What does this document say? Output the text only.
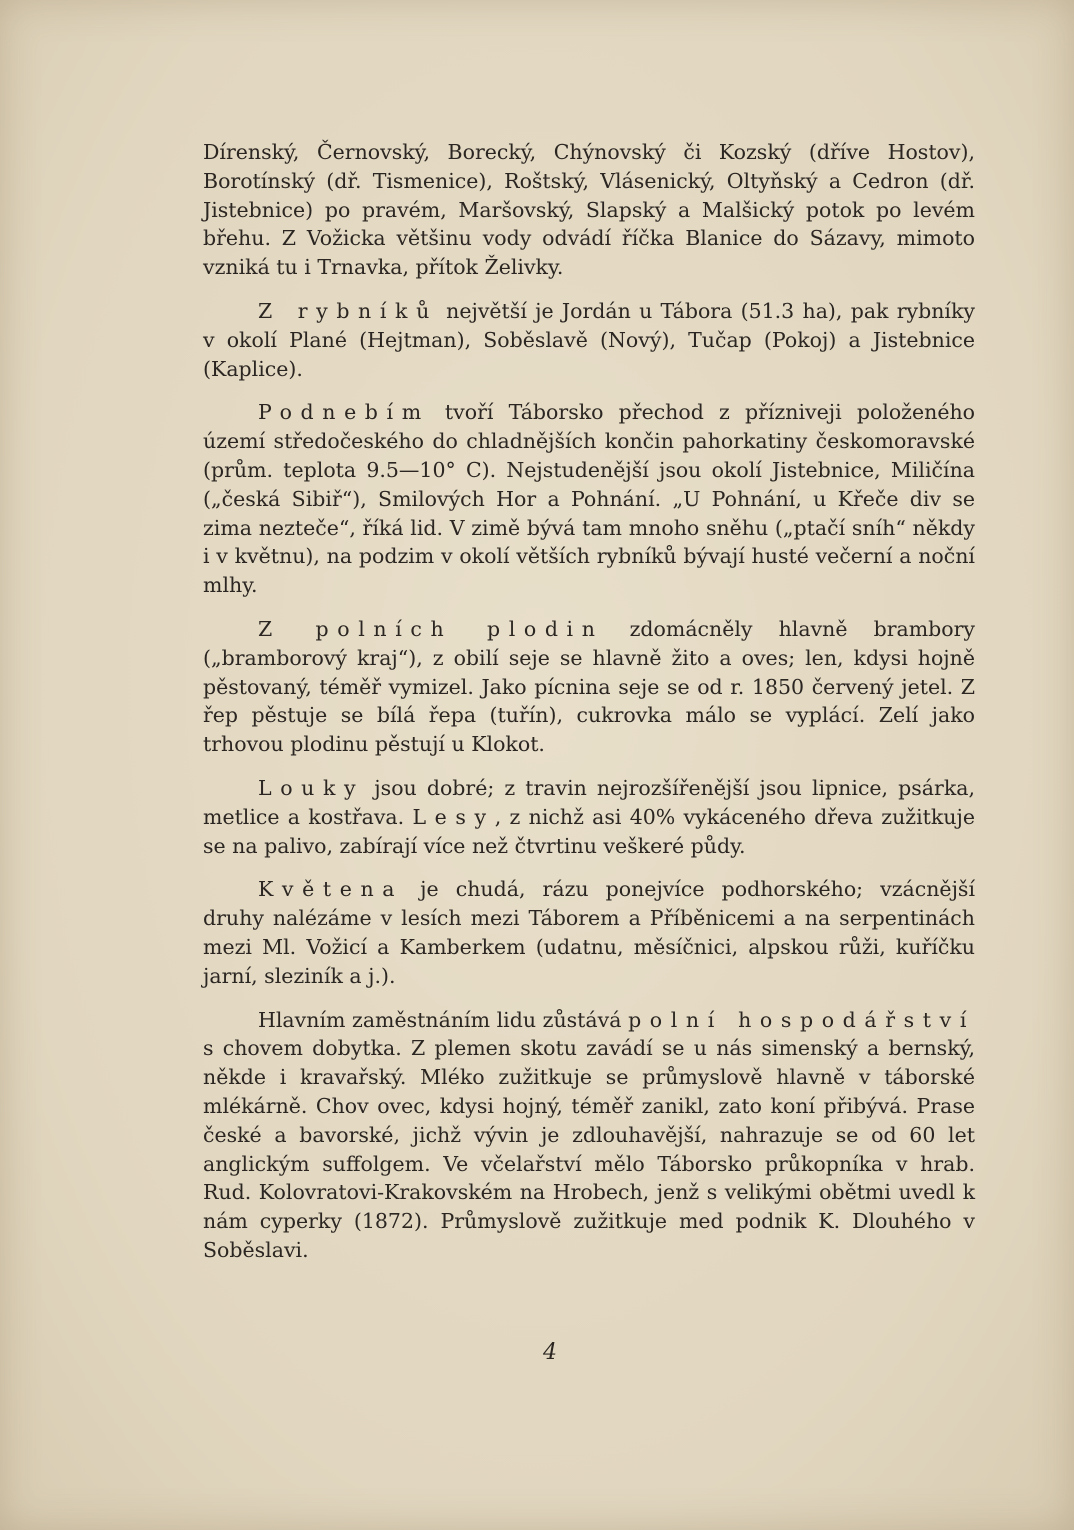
Dírenský, Černovský, Borecký, Chýnovský či Kozský (dříve Hostov), Borotínský (dř. Tismenice), Roštský, Vlásenický, Oltyňský a Cedron (dř. Jistebnice) po pravém, Maršovský, Slapský a Malšický potok po levém břehu. Z Vožicka většinu vody odvádí říčka Blanice do Sázavy, mimoto vzniká tu i Trnavka, přítok Želivky.

Z rybníků největší je Jordán u Tábora (51.3 ha), pak rybníky v okolí Plané (Hejtman), Soběslavě (Nový), Tučap (Pokoj) a Jistebnice (Kaplice).

Podnebím tvoří Táborsko přechod z přízniveji položeného území středočeského do chladnějších končin pahorkatiny českomoravské (prům. teplota 9.5—10° C). Nejstudenější jsou okolí Jistebnice, Miličína („česká Sibiř“), Smilových Hor a Pohnání. „U Pohnání, u Křeče div se zima nezteče“, říká lid. V zimě bývá tam mnoho sněhu („ptačí sníh“ někdy i v květnu), na podzim v okolí větších rybníků bývají husté večerní a noční mlhy.

Z polních plodin zdomácněly hlavně brambory („bramborový kraj“), z obilí seje se hlavně žito a oves; len, kdysi hojně pěstovaný, téměř vymizel. Jako pícnina seje se od r. 1850 červený jetel. Z řep pěstuje se bílá řepa (tuřín), cukrovka málo se vyplácí. Zelí jako trhovou plodinu pěstují u Klokot.

Louky jsou dobré; z travin nejrozšířenější jsou lipnice, psárka, metlice a kostřava. Lesy, z nichž asi 40% vykáceného dřeva zužitkuje se na palivo, zabírají více než čtvrtinu veškeré půdy.

Květena je chudá, rázu ponejvíce podhorského; vzácnější druhy nalézáme v lesích mezi Táborem a Příběnicemi a na serpentinách mezi Ml. Vožicí a Kamberkem (udatnu, měsíčnici, alpskou růži, kuříčku jarní, sleziník a j.).

Hlavním zaměstnáním lidu zůstává polní hospodářství s chovem dobytka. Z plemen skotu zavádí se u nás simenský a bernský, někde i kravařský. Mléko zužitkuje se průmyslově hlavně v táborské mlékárně. Chov ovec, kdysi hojný, téměř zanikl, zato koní přibývá. Prase české a bavorské, jichž vývin je zdlouhavější, nahrazuje se od 60 let anglickým suffolgem. Ve včelařství mělo Táborsko průkopníka v hrab. Rud. Kolovratovi-Krakovském na Hrobech, jenž s velikými obětmi uvedl k nám cyperky (1872). Průmyslově zužitkuje med podnik K. Dlouhého v Soběslavi.

4
